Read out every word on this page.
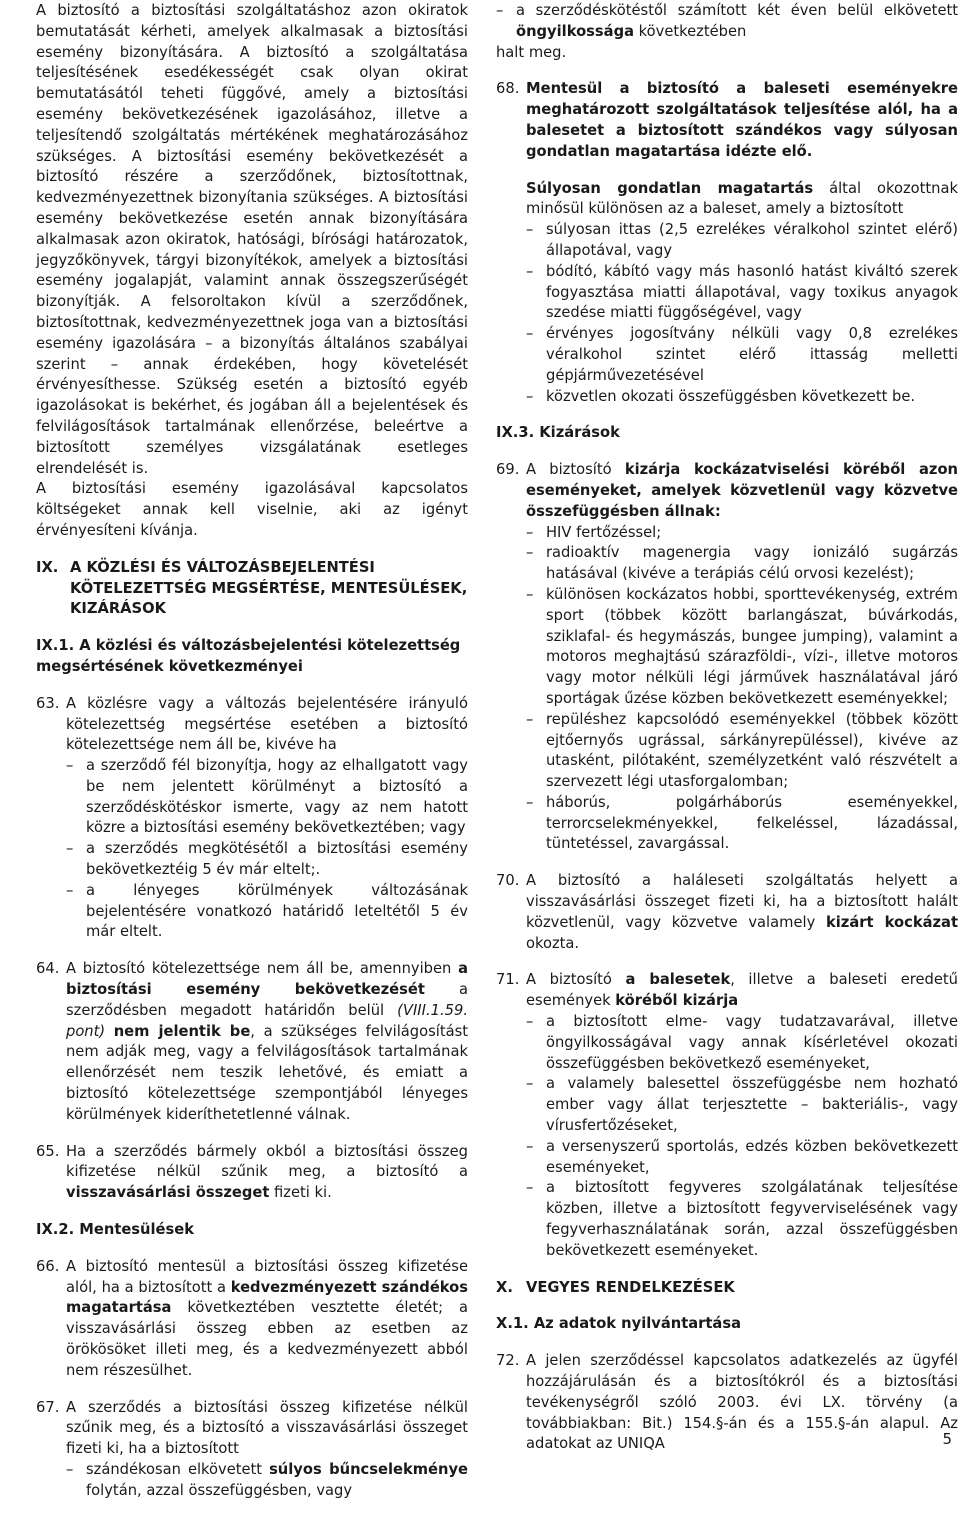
A biztosító a biztosítási szolgáltatáshoz azon okiratok bemutatását kérheti, amelyek alkalmasak a biztosítási esemény bizonyítására. A biztosító a szolgáltatása teljesítésének esedékességét csak olyan okirat bemutatásától teheti függővé, amely a biztosítási esemény bekövetkezésének igazolásához, illetve a teljesítendő szolgáltatás mértékének meghatározásához szükséges. A biztosítási esemény bekövetkezését a biztosító részére a szerződőnek, biztosítottnak, kedvezményezettnek bizonyítania szükséges. A biztosítási esemény bekövetkezése esetén annak bizonyítására alkalmasak azon okiratok, hatósági, bírósági határozatok, jegyzőkönyvek, tárgyi bizonyítékok, amelyek a biztosítási esemény jogalapját, valamint annak összegszerűségét bizonyítják. A felsoroltakon kívül a szerződőnek, biztosítottnak, kedvezményezettnek joga van a biztosítási esemény igazolására – a bizonyítás általános szabályai szerint – annak érdekében, hogy követelését érvényesíthesse. Szükség esetén a biztosító egyéb igazolásokat is bekérhet, és jogában áll a bejelentések és felvilágosítások tartalmának ellenőrzése, beleértve a biztosított személyes vizsgálatának esetleges elrendelését is.

A biztosítási esemény igazolásával kapcsolatos költségeket annak kell viselnie, aki az igényt érvényesíteni kívánja.

IX. A KÖZLÉSI ÉS VÁLTOZÁSBEJELENTÉSI KÖTELEZETTSÉG MEGSÉRTÉSE, MENTESÜLÉSEK, KIZÁRÁSOK
IX.1. A közlési és változásbejelentési kötelezettség megsértésének következményei
63. A közlésre vagy a változás bejelentésére irányuló kötelezettség megsértése esetében a biztosító kötelezettsége nem áll be, kivéve ha

– a szerződő fél bizonyítja, hogy az elhallgatott vagy be nem jelentett körülményt a biztosító a szerződéskötéskor ismerte, vagy az nem hatott közre a biztosítási esemény bekövetkeztében; vagy
– a szerződés megkötésétől a biztosítási esemény bekövetkeztéig 5 év már eltelt;.
– a lényeges körülmények változásának bejelentésére vonatkozó határidő leteltétől 5 év már eltelt.
64. A biztosító kötelezettsége nem áll be, amennyiben a biztosítási esemény bekövetkezését a szerződésben megadott határidőn belül (VIII.1.59. pont) nem jelentik be, a szükséges felvilágosítást nem adják meg, vagy a felvilágosítások tartalmának ellenőrzését nem teszik lehetővé, és emiatt a biztosító kötelezettsége szempontjából lényeges körülmények kideríthetetlenné válnak.

65. Ha a szerződés bármely okból a biztosítási összeg kifizetése nélkül szűnik meg, a biztosító a visszavásárlási összeget fizeti ki.

IX.2. Mentesülések
66. A biztosító mentesül a biztosítási összeg kifizetése alól, ha a biztosított a kedvezményezett szándékos magatartása következtében vesztette életét; a visszavásárlási összeg ebben az esetben az örökösöket illeti meg, és a kedvezményezett abból nem részesülhet.

67. A szerződés a biztosítási összeg kifizetése nélkül szűnik meg, és a biztosító a visszavásárlási összeget fizeti ki, ha a biztosított

– szándékosan elkövetett súlyos bűncselekménye folytán, azzal összefüggésben, vagy
– a szerződéskötéstől számított két éven belül elkövetett öngyilkossága következtében
halt meg.
68. Mentesül a biztosító a baleseti eseményekre meghatározott szolgáltatások teljesítése alól, ha a balesetet a biztosított szándékos vagy súlyosan gondatlan magatartása idézte elő.

Súlyosan gondatlan magatartás által okozottnak minősül különösen az a baleset, amely a biztosított

– súlyosan ittas (2,5 ezrelékes véralkohol szintet elérő) állapotával, vagy
– bódító, kábító vagy más hasonló hatást kiváltó szerek fogyasztása miatti állapotával, vagy toxikus anyagok szedése miatti függőségével, vagy
– érvényes jogosítvány nélküli vagy 0,8 ezrelékes véralkohol szintet elérő ittasság melletti gépjárművezetésével
– közvetlen okozati összefüggésben következett be.
IX.3. Kizárások
69. A biztosító kizárja kockázatviselési köréből azon eseményeket, amelyek közvetlenül vagy közvetve összefüggésben állnak:

– HIV fertőzéssel;
– radioaktív magenergia vagy ionizáló sugárzás hatásával (kivéve a terápiás célú orvosi kezelést);
– különösen kockázatos hobbi, sporttevékenység, extrém sport (többek között barlangászat, búvárkodás, sziklafal- és hegymászás, bungee jumping), valamint a motoros meghajtású szárazföldi-, vízi-, illetve motoros vagy motor nélküli légi járművek használatával járó sportágak űzése közben bekövetkezett eseményekkel;
– repüléshez kapcsolódó eseményekkel (többek között ejtőernyős ugrással, sárkányrepüléssel), kivéve az utasként, pilótaként, személyzetként való részvételt a szervezett légi utasforgalomban;
– háborús, polgárháborús eseményekkel, terrorcselekményekkel, felkeléssel, lázadással, tüntetéssel, zavargással.
70. A biztosító a haláleseti szolgáltatás helyett a visszavásárlási összeget fizeti ki, ha a biztosított halált közvetlenül, vagy közvetve valamely kizárt kockázat okozta.

71. A biztosító a balesetek, illetve a baleseti eredetű események köréből kizárja

– a biztosított elme- vagy tudatzavarával, illetve öngyilkosságával vagy annak kísérletével okozati összefüggésben bekövetkező eseményeket,
– a valamely balesettel összefüggésbe nem hozható ember vagy állat terjesztette – bakteriális-, vagy vírusfertőzéseket,
– a versenyszerű sportolás, edzés közben bekövetkezett eseményeket,
– a biztosított fegyveres szolgálatának teljesítése közben, illetve a biztosított fegyverviselésének vagy fegyverhasználatának során, azzal összefüggésben bekövetkezett eseményeket.
X. VEGYES RENDELKEZÉSEK
X.1. Az adatok nyilvántartása
72. A jelen szerződéssel kapcsolatos adatkezelés az ügyfél hozzájárulásán és a biztosítókról és a biztosítási tevékenységről szóló 2003. évi LX. törvény (a továbbiakban: Bit.) 154.§-án és a 155.§-án alapul. Az adatokat az UNIQA	5
